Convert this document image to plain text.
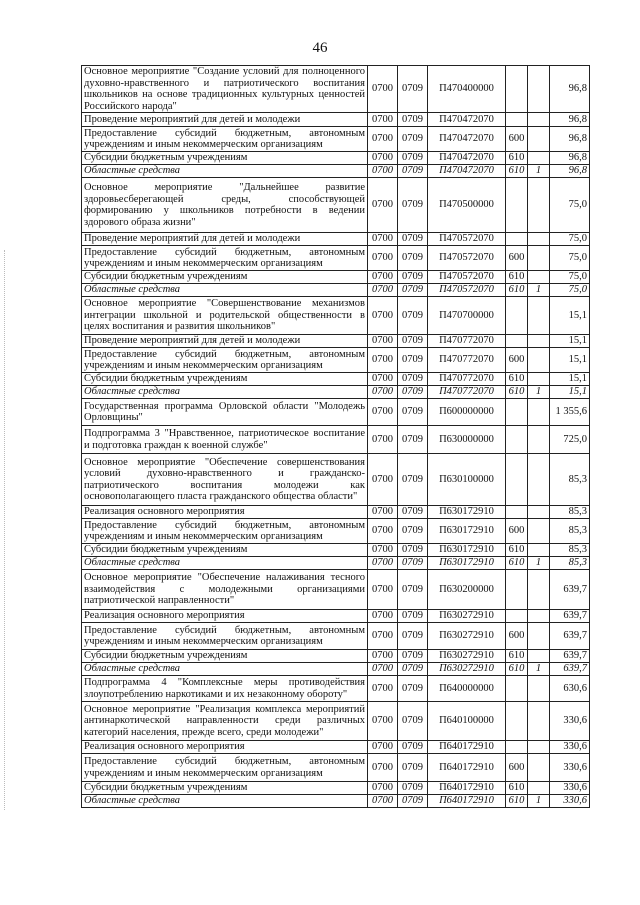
46
Основное мероприятие "Создание условий для полноценного духовно-нравственного и патриотического воспитания школьников на основе традиционных культурных ценностей Российского народа"	0700	0709	П470400000			96,8
Проведение мероприятий для детей и молодежи	0700	0709	П470472070			96,8
Предоставление субсидий бюджетным, автономным учреждениям и иным некоммерческим организациям	0700	0709	П470472070	600		96,8
Субсидии бюджетным учреждениям	0700	0709	П470472070	610		96,8
Областные средства	0700	0709	П470472070	610	1	96,8
Основное мероприятие "Дальнейшее развитие здоровьесберегающей среды, способствующей формированию у школьников потребности в ведении здорового образа жизни"	0700	0709	П470500000			75,0
Проведение мероприятий для детей и молодежи	0700	0709	П470572070			75,0
Предоставление субсидий бюджетным, автономным учреждениям и иным некоммерческим организациям	0700	0709	П470572070	600		75,0
Субсидии бюджетным учреждениям	0700	0709	П470572070	610		75,0
Областные средства	0700	0709	П470572070	610	1	75,0
Основное мероприятие "Совершенствование механизмов интеграции школьной и родительской общественности в целях воспитания и развития школьников"	0700	0709	П470700000			15,1
Проведение мероприятий для детей и молодежи	0700	0709	П470772070			15,1
Предоставление субсидий бюджетным, автономным учреждениям и иным некоммерческим организациям	0700	0709	П470772070	600		15,1
Субсидии бюджетным учреждениям	0700	0709	П470772070	610		15,1
Областные средства	0700	0709	П470772070	610	1	15,1
Государственная программа Орловской области "Молодежь Орловщины"	0700	0709	П600000000			1 355,6
Подпрограмма 3 "Нравственное, патриотическое воспитание и подготовка граждан к военной службе"	0700	0709	П630000000			725,0
Основное мероприятие "Обеспечение совершенствования условий духовно-нравственного и гражданско-патриотического воспитания молодежи как основополагающего пласта гражданского общества области"	0700	0709	П630100000			85,3
Реализация основного мероприятия	0700	0709	П630172910			85,3
Предоставление субсидий бюджетным, автономным учреждениям и иным некоммерческим организациям	0700	0709	П630172910	600		85,3
Субсидии бюджетным учреждениям	0700	0709	П630172910	610		85,3
Областные средства	0700	0709	П630172910	610	1	85,3
Основное мероприятие "Обеспечение налаживания тесного взаимодействия с молодежными организациями патриотической направленности"	0700	0709	П630200000			639,7
Реализация основного мероприятия	0700	0709	П630272910			639,7
Предоставление субсидий бюджетным, автономным учреждениям и иным некоммерческим организациям	0700	0709	П630272910	600		639,7
Субсидии бюджетным учреждениям	0700	0709	П630272910	610		639,7
Областные средства	0700	0709	П630272910	610	1	639,7
Подпрограмма 4 "Комплексные меры противодействия злоупотреблению наркотиками и их незаконному обороту"	0700	0709	П640000000			630,6
Основное мероприятие "Реализация комплекса мероприятий антинаркотической направленности среди различных категорий населения, прежде всего, среди молодежи"	0700	0709	П640100000			330,6
Реализация основного мероприятия	0700	0709	П640172910			330,6
Предоставление субсидий бюджетным, автономным учреждениям и иным некоммерческим организациям	0700	0709	П640172910	600		330,6
Субсидии бюджетным учреждениям	0700	0709	П640172910	610		330,6
Областные средства	0700	0709	П640172910	610	1	330,6
